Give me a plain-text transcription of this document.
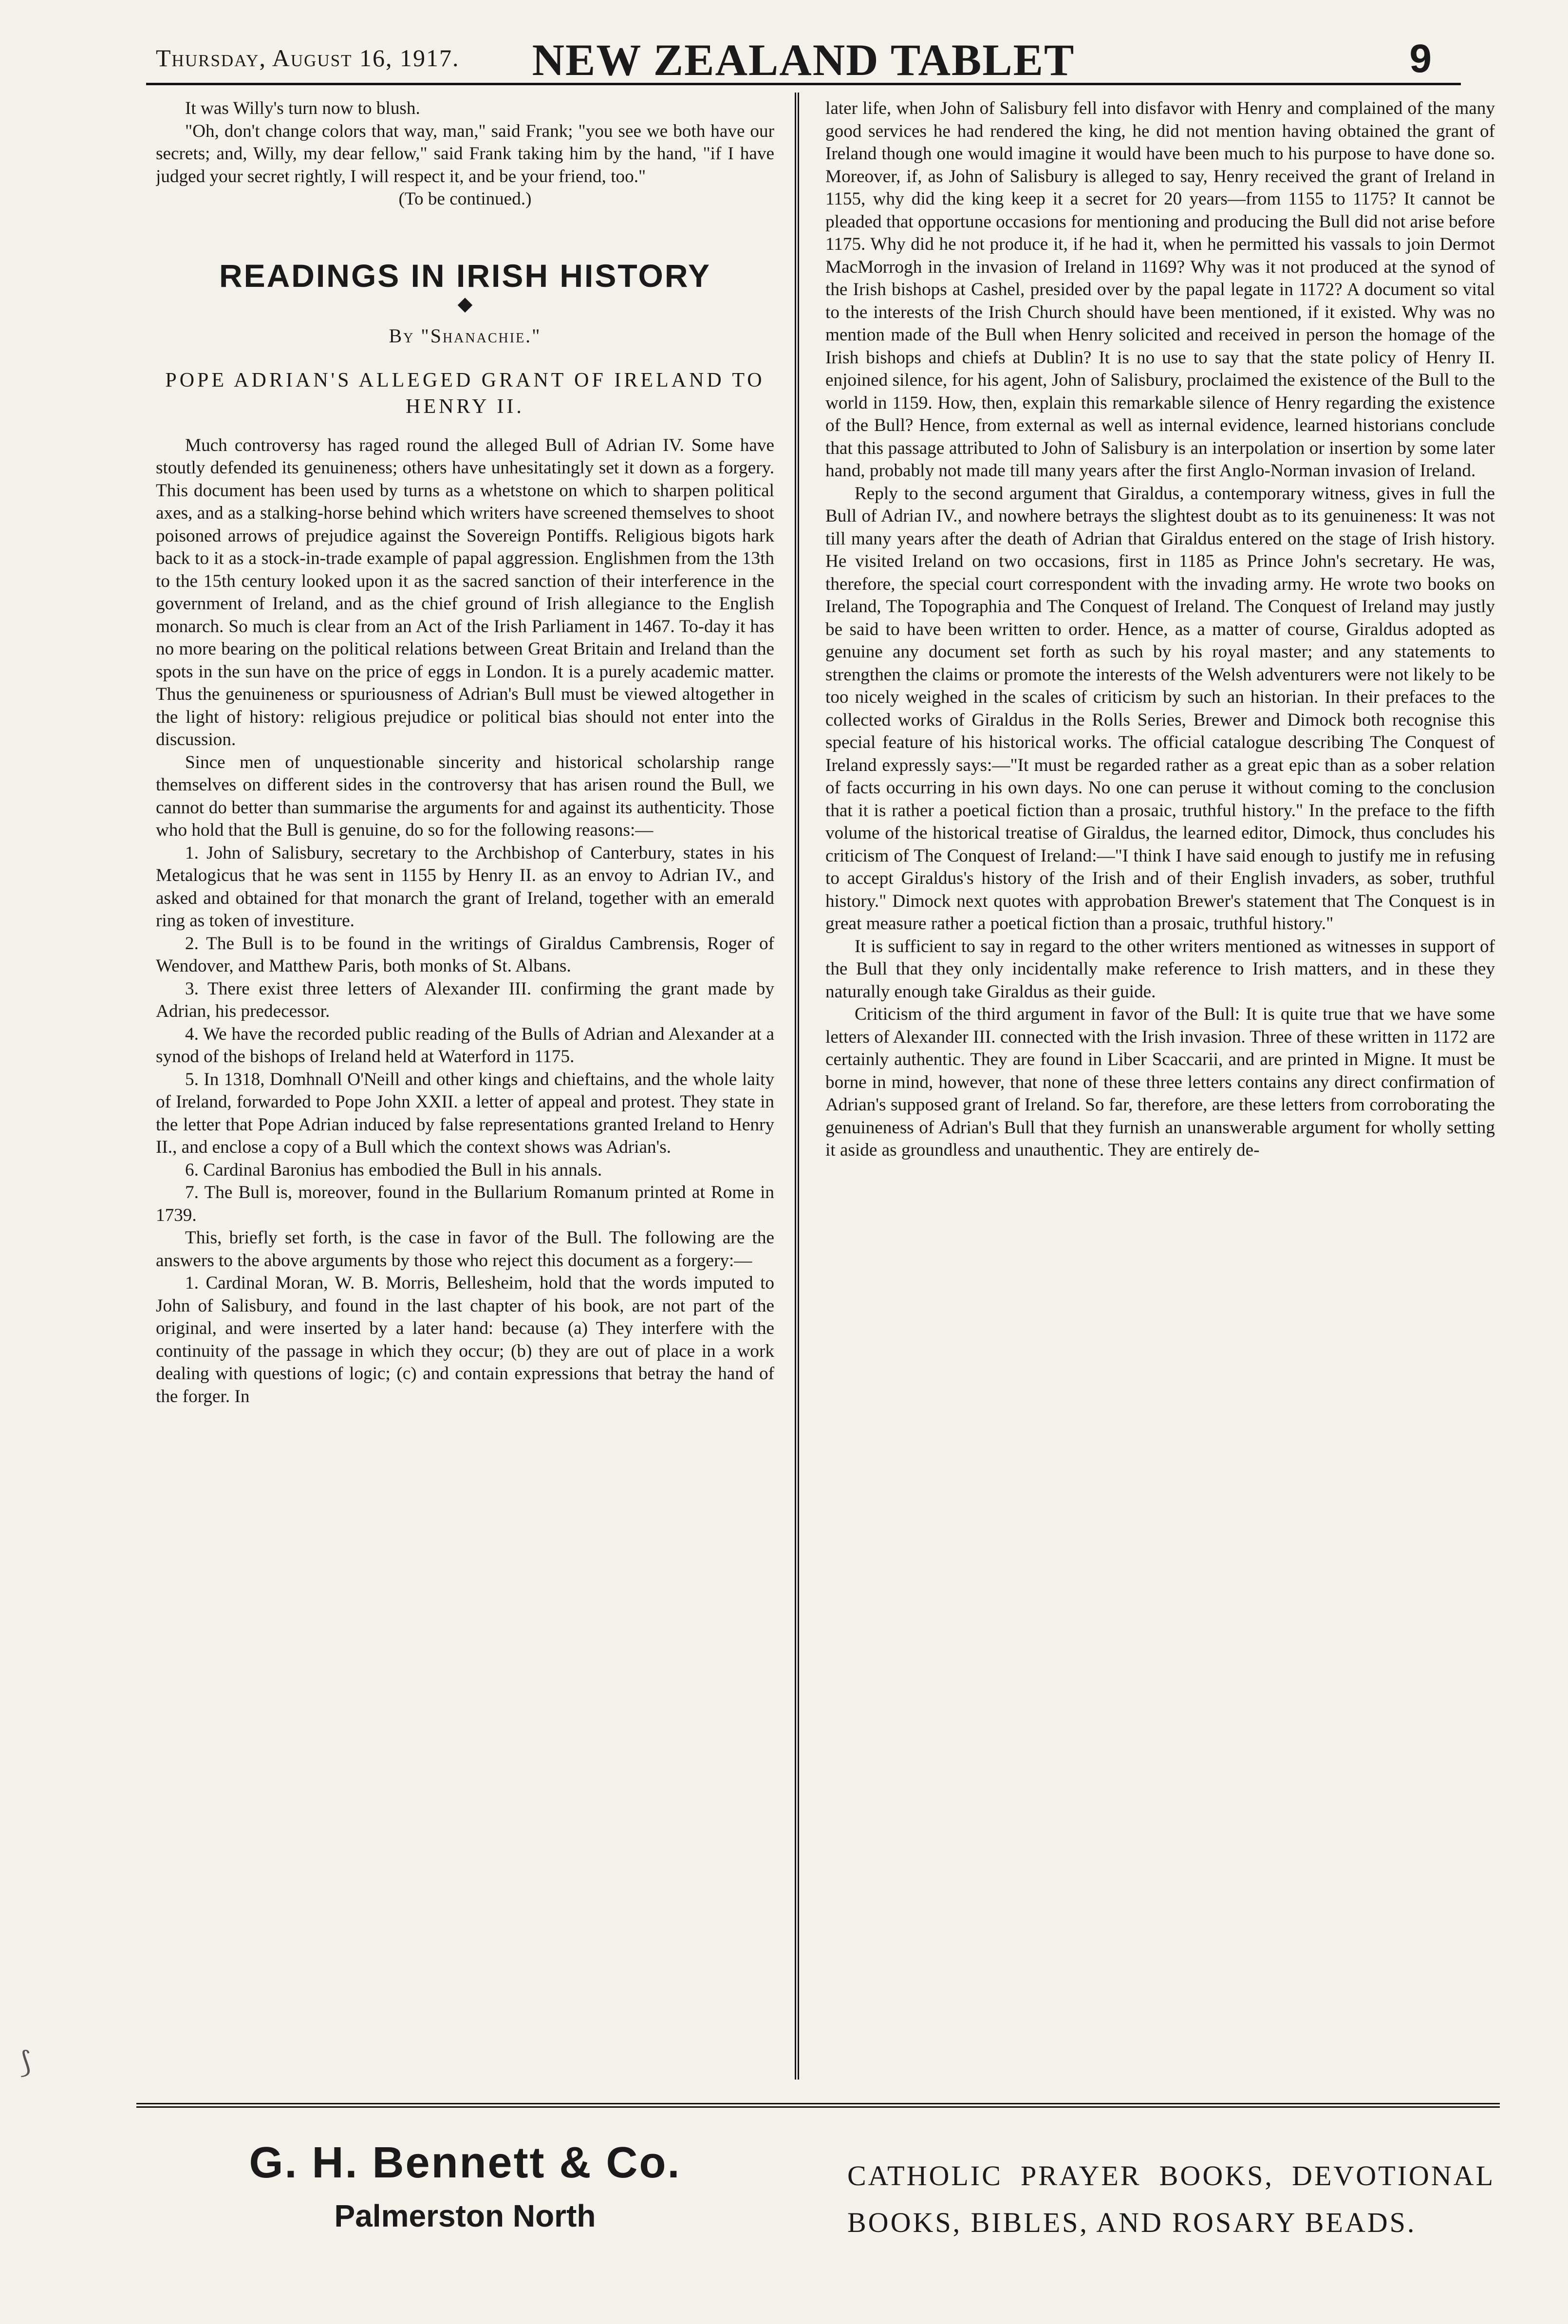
Thursday, August 16, 1917.	NEW ZEALAND TABLET	9

It was Willy's turn now to blush.

"Oh, don't change colors that way, man," said Frank; "you see we both have our secrets; and, Willy, my dear fellow," said Frank taking him by the hand, "if I have judged your secret rightly, I will respect it, and be your friend, too."

(To be continued.)

READINGS IN IRISH HISTORY
◆
By "Shanachie."
POPE ADRIAN'S ALLEGED GRANT OF IRELAND TO HENRY II.

Much controversy has raged round the alleged Bull of Adrian IV. Some have stoutly defended its genuineness; others have unhesitatingly set it down as a forgery. This document has been used by turns as a whetstone on which to sharpen political axes, and as a stalking-horse behind which writers have screened themselves to shoot poisoned arrows of prejudice against the Sovereign Pontiffs. Religious bigots hark back to it as a stock-in-trade example of papal aggression. Englishmen from the 13th to the 15th century looked upon it as the sacred sanction of their interference in the government of Ireland, and as the chief ground of Irish allegiance to the English monarch. So much is clear from an Act of the Irish Parliament in 1467. To-day it has no more bearing on the political relations between Great Britain and Ireland than the spots in the sun have on the price of eggs in London. It is a purely academic matter. Thus the genuineness or spuriousness of Adrian's Bull must be viewed altogether in the light of history: religious prejudice or political bias should not enter into the discussion.

Since men of unquestionable sincerity and historical scholarship range themselves on different sides in the controversy that has arisen round the Bull, we cannot do better than summarise the arguments for and against its authenticity. Those who hold that the Bull is genuine, do so for the following reasons:—

1. John of Salisbury, secretary to the Archbishop of Canterbury, states in his Metalogicus that he was sent in 1155 by Henry II. as an envoy to Adrian IV., and asked and obtained for that monarch the grant of Ireland, together with an emerald ring as token of investiture.

2. The Bull is to be found in the writings of Giraldus Cambrensis, Roger of Wendover, and Matthew Paris, both monks of St. Albans.

3. There exist three letters of Alexander III. confirming the grant made by Adrian, his predecessor.

4. We have the recorded public reading of the Bulls of Adrian and Alexander at a synod of the bishops of Ireland held at Waterford in 1175.

5. In 1318, Domhnall O'Neill and other kings and chieftains, and the whole laity of Ireland, forwarded to Pope John XXII. a letter of appeal and protest. They state in the letter that Pope Adrian induced by false representations granted Ireland to Henry II., and enclose a copy of a Bull which the context shows was Adrian's.

6. Cardinal Baronius has embodied the Bull in his annals.

7. The Bull is, moreover, found in the Bullarium Romanum printed at Rome in 1739.

This, briefly set forth, is the case in favor of the Bull. The following are the answers to the above arguments by those who reject this document as a forgery:—

1. Cardinal Moran, W. B. Morris, Bellesheim, hold that the words imputed to John of Salisbury, and found in the last chapter of his book, are not part of the original, and were inserted by a later hand: because (a) They interfere with the continuity of the passage in which they occur; (b) they are out of place in a work dealing with questions of logic; (c) and contain expressions that betray the hand of the forger. In

later life, when John of Salisbury fell into disfavor with Henry and complained of the many good services he had rendered the king, he did not mention having obtained the grant of Ireland though one would imagine it would have been much to his purpose to have done so. Moreover, if, as John of Salisbury is alleged to say, Henry received the grant of Ireland in 1155, why did the king keep it a secret for 20 years—from 1155 to 1175? It cannot be pleaded that opportune occasions for mentioning and producing the Bull did not arise before 1175. Why did he not produce it, if he had it, when he permitted his vassals to join Dermot MacMorrogh in the invasion of Ireland in 1169? Why was it not produced at the synod of the Irish bishops at Cashel, presided over by the papal legate in 1172? A document so vital to the interests of the Irish Church should have been mentioned, if it existed. Why was no mention made of the Bull when Henry solicited and received in person the homage of the Irish bishops and chiefs at Dublin? It is no use to say that the state policy of Henry II. enjoined silence, for his agent, John of Salisbury, proclaimed the existence of the Bull to the world in 1159. How, then, explain this remarkable silence of Henry regarding the existence of the Bull? Hence, from external as well as internal evidence, learned historians conclude that this passage attributed to John of Salisbury is an interpolation or insertion by some later hand, probably not made till many years after the first Anglo-Norman invasion of Ireland.

Reply to the second argument that Giraldus, a contemporary witness, gives in full the Bull of Adrian IV., and nowhere betrays the slightest doubt as to its genuineness: It was not till many years after the death of Adrian that Giraldus entered on the stage of Irish history. He visited Ireland on two occasions, first in 1185 as Prince John's secretary. He was, therefore, the special court correspondent with the invading army. He wrote two books on Ireland, The Topographia and The Conquest of Ireland. The Conquest of Ireland may justly be said to have been written to order. Hence, as a matter of course, Giraldus adopted as genuine any document set forth as such by his royal master; and any statements to strengthen the claims or promote the interests of the Welsh adventurers were not likely to be too nicely weighed in the scales of criticism by such an historian. In their prefaces to the collected works of Giraldus in the Rolls Series, Brewer and Dimock both recognise this special feature of his historical works. The official catalogue describing The Conquest of Ireland expressly says:—"It must be regarded rather as a great epic than as a sober relation of facts occurring in his own days. No one can peruse it without coming to the conclusion that it is rather a poetical fiction than a prosaic, truthful history." In the preface to the fifth volume of the historical treatise of Giraldus, the learned editor, Dimock, thus concludes his criticism of The Conquest of Ireland:—"I think I have said enough to justify me in refusing to accept Giraldus's history of the Irish and of their English invaders, as sober, truthful history." Dimock next quotes with approbation Brewer's statement that The Conquest is in great measure rather a poetical fiction than a prosaic, truthful history."

It is sufficient to say in regard to the other writers mentioned as witnesses in support of the Bull that they only incidentally make reference to Irish matters, and in these they naturally enough take Giraldus as their guide.

Criticism of the third argument in favor of the Bull: It is quite true that we have some letters of Alexander III. connected with the Irish invasion. Three of these written in 1172 are certainly authentic. They are found in Liber Scaccarii, and are printed in Migne. It must be borne in mind, however, that none of these three letters contains any direct confirmation of Adrian's supposed grant of Ireland. So far, therefore, are these letters from corroborating the genuineness of Adrian's Bull that they furnish an unanswerable argument for wholly setting it aside as groundless and unauthentic. They are entirely de-

G. H. Bennett & Co.
Palmerston North
CATHOLIC PRAYER BOOKS, DEVOTIONAL BOOKS, BIBLES, AND ROSARY BEADS.
⟆
